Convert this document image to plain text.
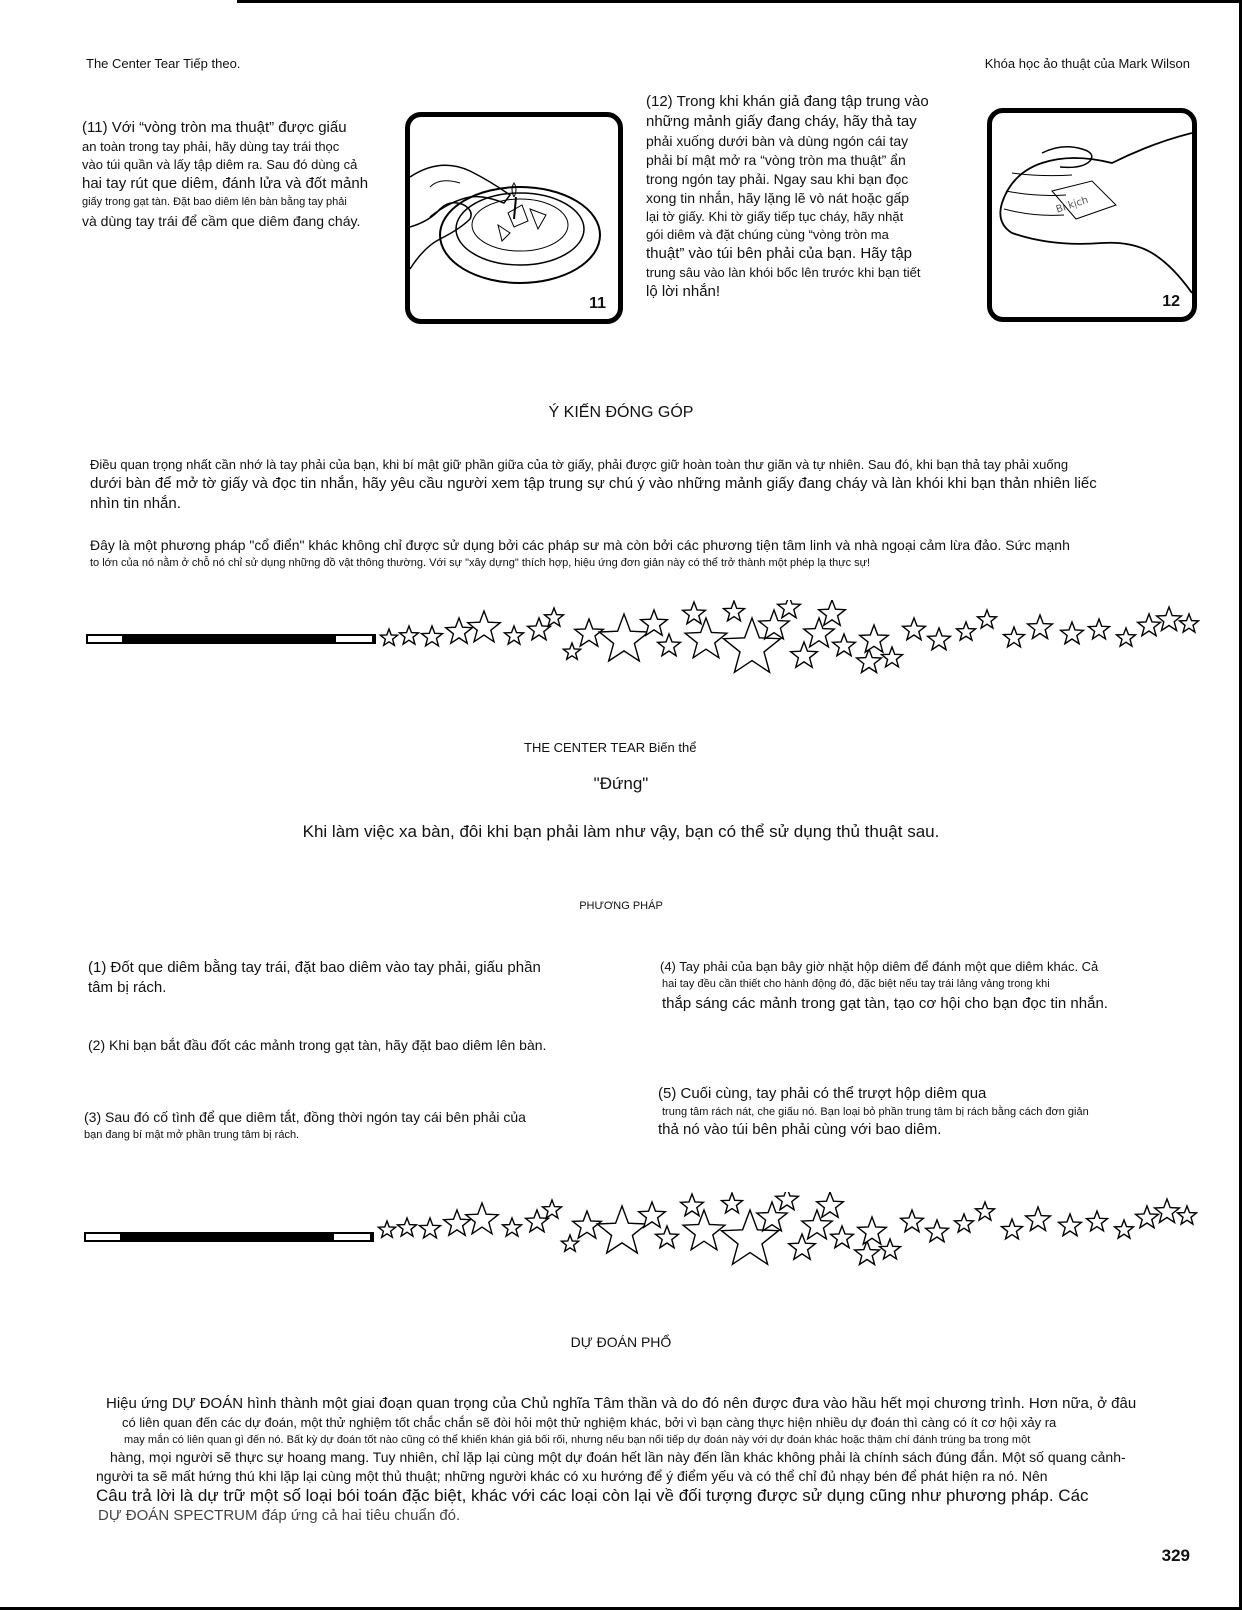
The Center Tear Tiếp theo.	Khóa học ảo thuật của Mark Wilson
(11) Với “vòng tròn ma thuật” được giấu
an toàn trong tay phải, hãy dùng tay trái thọc
vào túi quần và lấy tập diêm ra. Sau đó dùng cả
hai tay rút que diêm, đánh lửa và đốt mảnh
giấy trong gạt tàn. Đặt bao diêm lên bàn bằng tay phải
và dùng tay trái để cầm que diêm đang cháy.
11
(12) Trong khi khán giả đang tập trung vào
những mảnh giấy đang cháy, hãy thả tay
phải xuống dưới bàn và dùng ngón cái tay
phải bí mật mở ra “vòng tròn ma thuật” ẩn
trong ngón tay phải. Ngay sau khi bạn đọc
xong tin nhắn, hãy lặng lẽ vò nát hoặc gấp
lại tờ giấy. Khi tờ giấy tiếp tục cháy, hãy nhặt
gói diêm và đặt chúng cùng “vòng tròn ma
thuật” vào túi bên phải của bạn. Hãy tập
trung sâu vào làn khói bốc lên trước khi bạn tiết
lộ lời nhắn!
Bi kịch
12
Ý KIẾN ĐÓNG GÓP
Điều quan trọng nhất cần nhớ là tay phải của bạn, khi bí mật giữ phần giữa của tờ giấy, phải được giữ hoàn toàn thư giãn và tự nhiên. Sau đó, khi bạn thả tay phải xuống
dưới bàn để mở tờ giấy và đọc tin nhắn, hãy yêu cầu người xem tập trung sự chú ý vào những mảnh giấy đang cháy và làn khói khi bạn thản nhiên liếc
nhìn tin nhắn.
Đây là một phương pháp "cổ điển" khác không chỉ được sử dụng bởi các pháp sư mà còn bởi các phương tiện tâm linh và nhà ngoại cảm lừa đảo. Sức mạnh
to lớn của nó nằm ở chỗ nó chỉ sử dụng những đồ vật thông thường. Với sự "xây dựng" thích hợp, hiệu ứng đơn giản này có thể trở thành một phép lạ thực sự!
THE CENTER TEAR Biến thể
"Đứng"
Khi làm việc xa bàn, đôi khi bạn phải làm như vậy, bạn có thể sử dụng thủ thuật sau.
PHƯƠNG PHÁP
(1) Đốt que diêm bằng tay trái, đặt bao diêm vào tay phải, giấu phần
tâm bị rách.
(2) Khi bạn bắt đầu đốt các mảnh trong gạt tàn, hãy đặt bao diêm lên bàn.
(3) Sau đó cố tình để que diêm tắt, đồng thời ngón tay cái bên phải của
bạn đang bí mật mở phần trung tâm bị rách.
(4) Tay phải của bạn bây giờ nhặt hộp diêm để đánh một que diêm khác. Cả
hai tay đều cần thiết cho hành động đó, đặc biệt nếu tay trái lảng vảng trong khi
thắp sáng các mảnh trong gạt tàn, tạo cơ hội cho bạn đọc tin nhắn.
(5) Cuối cùng, tay phải có thể trượt hộp diêm qua
trung tâm rách nát, che giấu nó. Bạn loại bỏ phần trung tâm bị rách bằng cách đơn giản
thả nó vào túi bên phải cùng với bao diêm.
DỰ ĐOÁN PHỔ
Hiệu ứng DỰ ĐOÁN hình thành một giai đoạn quan trọng của Chủ nghĩa Tâm thần và do đó nên được đưa vào hầu hết mọi chương trình. Hơn nữa, ở đâu
có liên quan đến các dự đoán, một thử nghiệm tốt chắc chắn sẽ đòi hỏi một thử nghiệm khác, bởi vì bạn càng thực hiện nhiều dự đoán thì càng có ít cơ hội xảy ra
may mắn có liên quan gì đến nó. Bất kỳ dự đoán tốt nào cũng có thể khiến khán giả bối rối, nhưng nếu bạn nối tiếp dự đoán này với dự đoán khác hoặc thậm chí đánh trúng ba trong một
hàng, mọi người sẽ thực sự hoang mang. Tuy nhiên, chỉ lặp lại cùng một dự đoán hết lần này đến lần khác không phải là chính sách đúng đắn. Một số quang cảnh-
người ta sẽ mất hứng thú khi lặp lại cùng một thủ thuật; những người khác có xu hướng để ý điểm yếu và có thể chỉ đủ nhạy bén để phát hiện ra nó. Nên
Câu trả lời là dự trữ một số loại bói toán đặc biệt, khác với các loại còn lại về đối tượng được sử dụng cũng như phương pháp. Các
DỰ ĐOÁN SPECTRUM đáp ứng cả hai tiêu chuẩn đó.
329
